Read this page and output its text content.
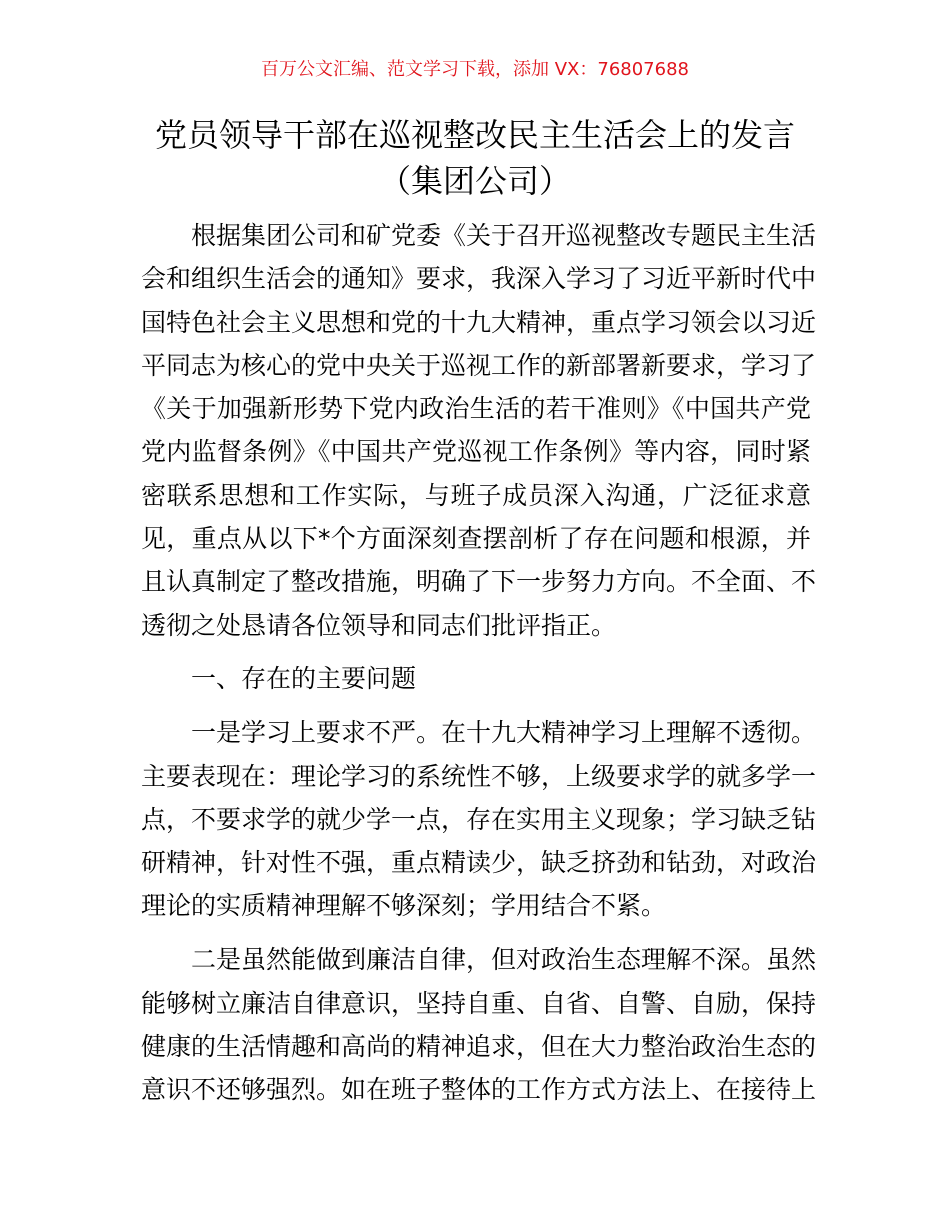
百万公文汇编、范文学习下载，添加 VX：76807688
党员领导干部在巡视整改民主生活会上的发言
（集团公司）
根据集团公司和矿党委《关于召开巡视整改专题民主生活
会和组织生活会的通知》要求，我深入学习了习近平新时代中
国特色社会主义思想和党的十九大精神，重点学习领会以习近
平同志为核心的党中央关于巡视工作的新部署新要求，学习了
《关于加强新形势下党内政治生活的若干准则》《中国共产党
党内监督条例》《中国共产党巡视工作条例》等内容，同时紧
密联系思想和工作实际，与班子成员深入沟通，广泛征求意
见，重点从以下*个方面深刻查摆剖析了存在问题和根源，并
且认真制定了整改措施，明确了下一步努力方向。不全面、不
透彻之处恳请各位领导和同志们批评指正。
一、存在的主要问题
一是学习上要求不严。在十九大精神学习上理解不透彻。
主要表现在：理论学习的系统性不够，上级要求学的就多学一
点，不要求学的就少学一点，存在实用主义现象；学习缺乏钻
研精神，针对性不强，重点精读少，缺乏挤劲和钻劲，对政治
理论的实质精神理解不够深刻；学用结合不紧。
二是虽然能做到廉洁自律，但对政治生态理解不深。虽然
能够树立廉洁自律意识，坚持自重、自省、自警、自励，保持
健康的生活情趣和高尚的精神追求，但在大力整治政治生态的
意识不还够强烈。如在班子整体的工作方式方法上、在接待上
